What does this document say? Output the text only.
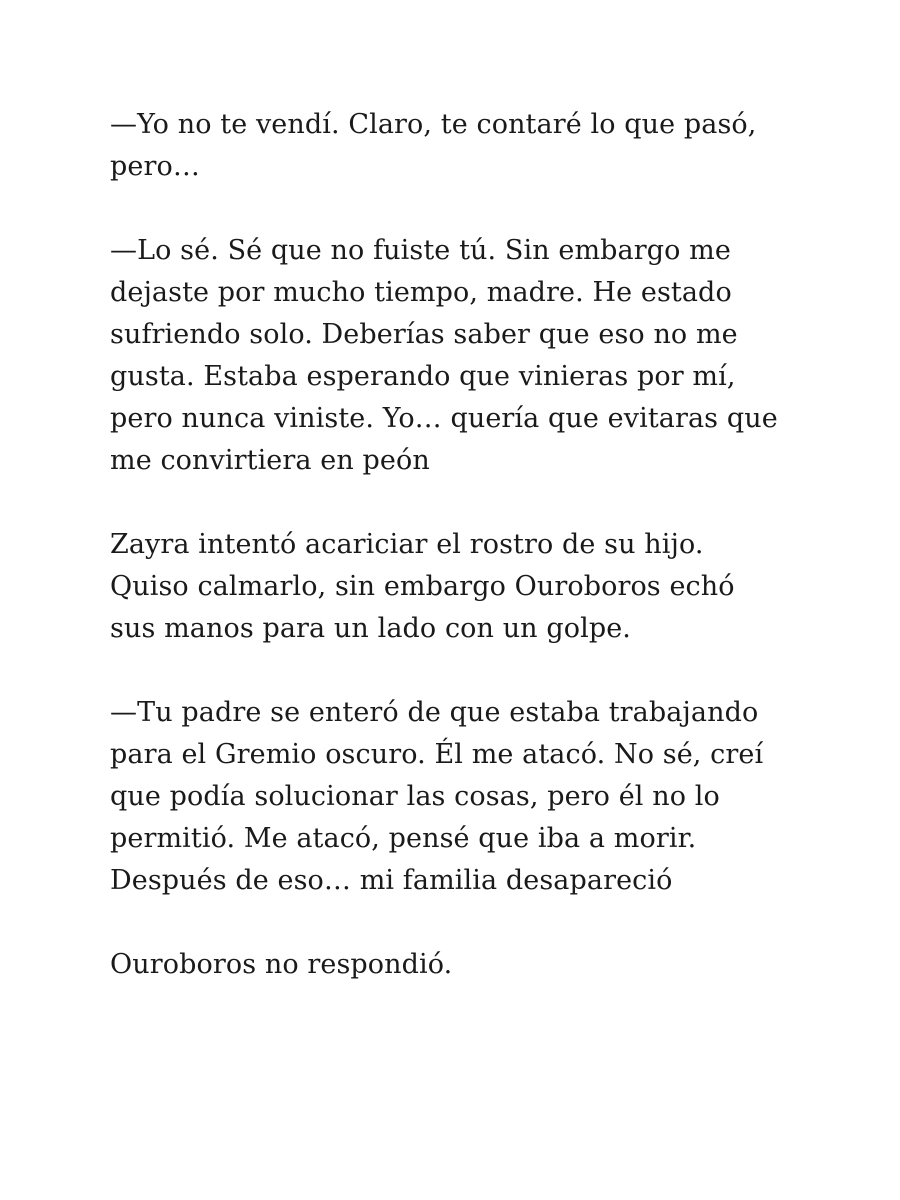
—Yo no te vendí. Claro, te contaré lo que pasó,
pero…

—Lo sé. Sé que no fuiste tú. Sin embargo me
dejaste por mucho tiempo, madre. He estado
sufriendo solo. Deberías saber que eso no me
gusta. Estaba esperando que vinieras por mí,
pero nunca viniste. Yo… quería que evitaras que
me convirtiera en peón

Zayra intentó acariciar el rostro de su hijo.
Quiso calmarlo, sin embargo Ouroboros echó
sus manos para un lado con un golpe.

—Tu padre se enteró de que estaba trabajando
para el Gremio oscuro. Él me atacó. No sé, creí
que podía solucionar las cosas, pero él no lo
permitió. Me atacó, pensé que iba a morir.
Después de eso… mi familia desapareció

Ouroboros no respondió.
